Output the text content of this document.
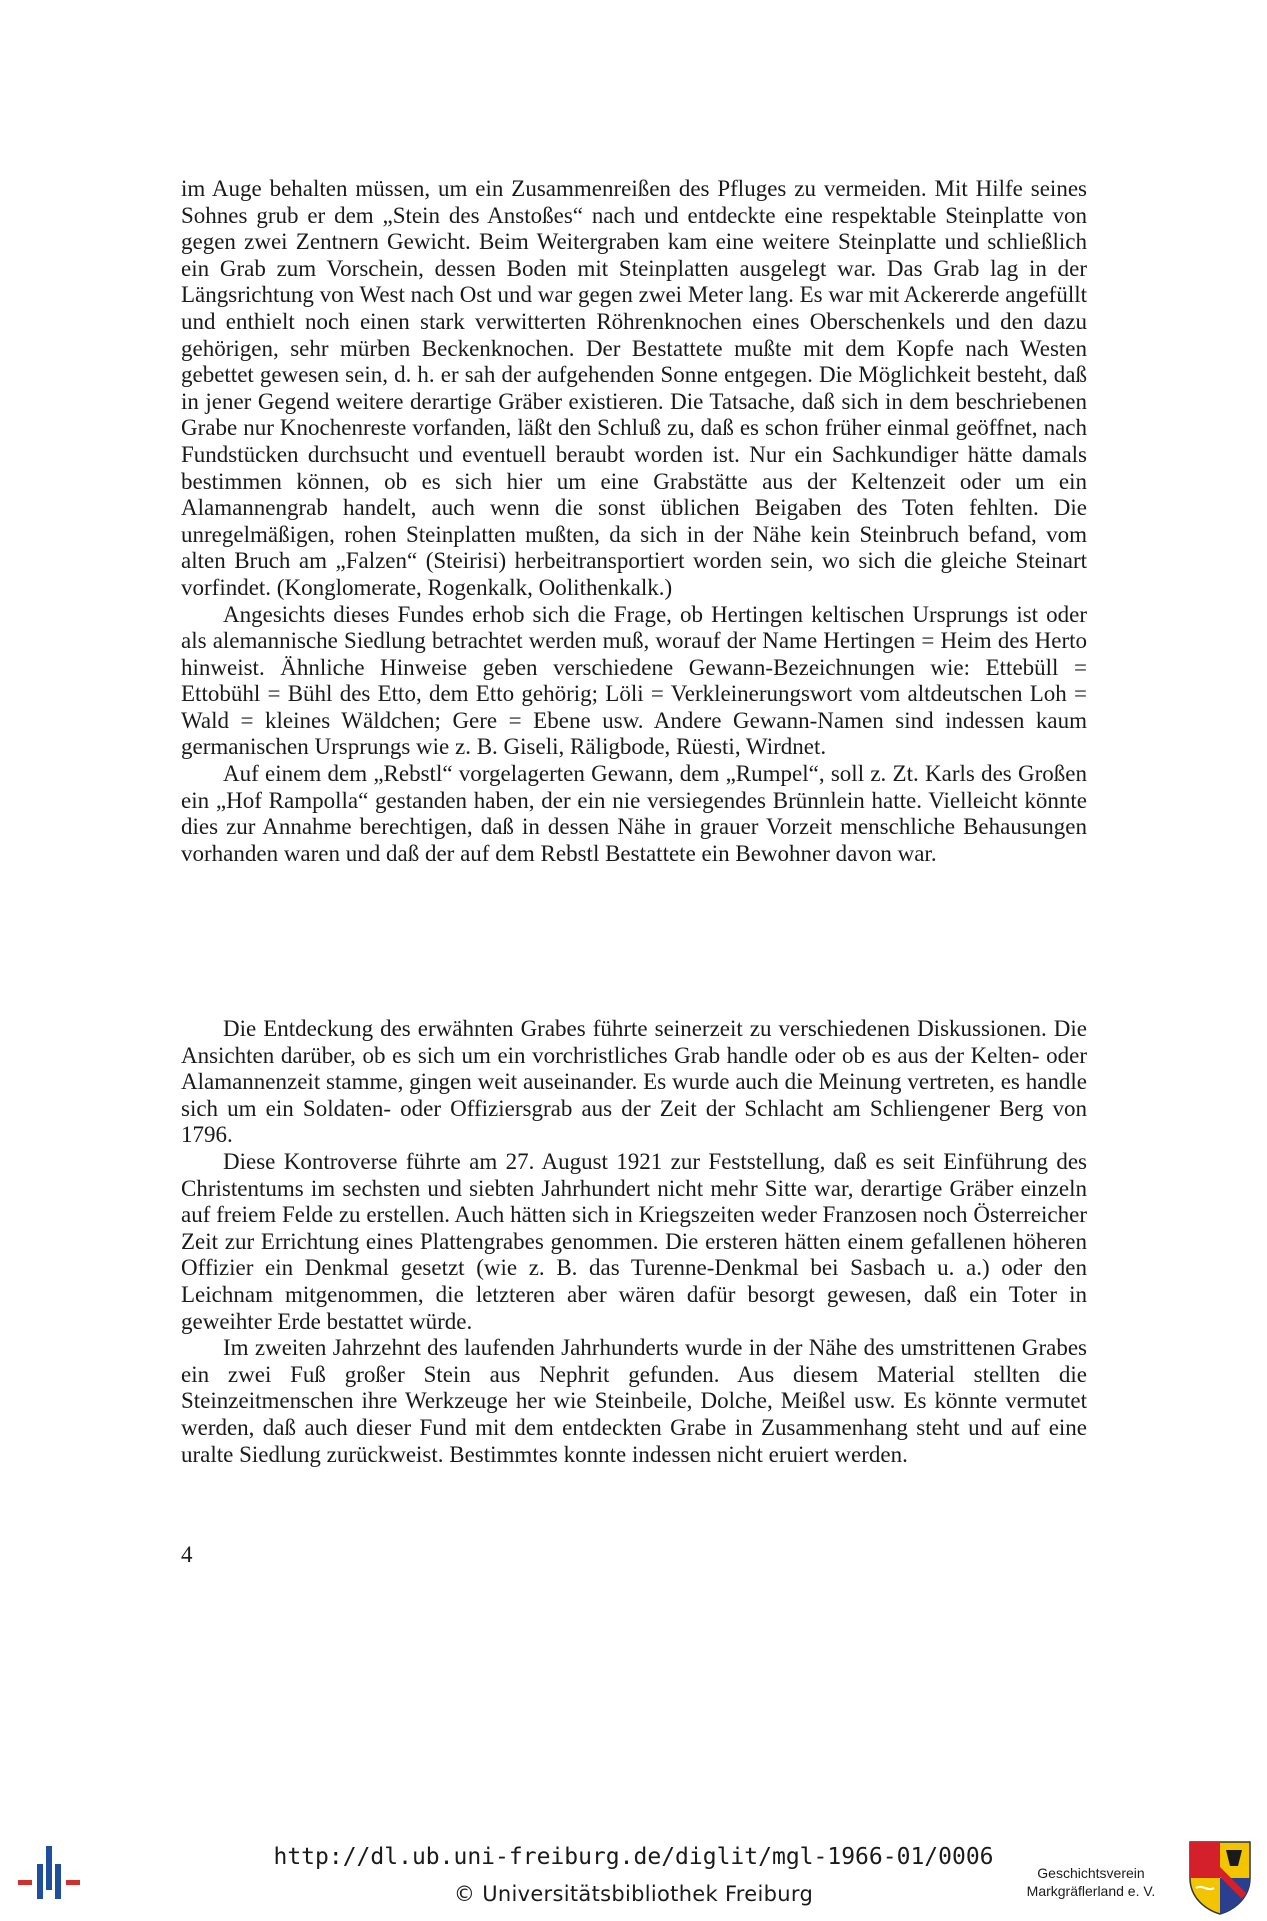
im Auge behalten müssen, um ein Zusammenreißen des Pfluges zu vermeiden. Mit Hilfe seines Sohnes grub er dem „Stein des Anstoßes“ nach und entdeckte eine respektable Steinplatte von gegen zwei Zentnern Gewicht. Beim Weitergraben kam eine weitere Steinplatte und schließlich ein Grab zum Vorschein, dessen Boden mit Steinplatten ausgelegt war. Das Grab lag in der Längsrichtung von West nach Ost und war gegen zwei Meter lang. Es war mit Ackererde angefüllt und enthielt noch einen stark verwitterten Röhrenknochen eines Oberschenkels und den dazu gehörigen, sehr mürben Beckenknochen. Der Bestattete mußte mit dem Kopfe nach Westen gebettet gewesen sein, d. h. er sah der aufgehenden Sonne entgegen. Die Möglichkeit besteht, daß in jener Gegend weitere derartige Gräber existieren. Die Tatsache, daß sich in dem beschriebenen Grabe nur Knochenreste vorfanden, läßt den Schluß zu, daß es schon früher einmal geöffnet, nach Fundstücken durchsucht und eventuell beraubt worden ist. Nur ein Sachkundiger hätte damals bestimmen können, ob es sich hier um eine Grabstätte aus der Keltenzeit oder um ein Alamannengrab handelt, auch wenn die sonst üblichen Beigaben des Toten fehlten. Die unregelmäßigen, rohen Steinplatten mußten, da sich in der Nähe kein Steinbruch befand, vom alten Bruch am „Falzen“ (Steirisi) herbeitransportiert worden sein, wo sich die gleiche Steinart vorfindet. (Konglomerate, Rogenkalk, Oolithenkalk.)

Angesichts dieses Fundes erhob sich die Frage, ob Hertingen keltischen Ursprungs ist oder als alemannische Siedlung betrachtet werden muß, worauf der Name Hertingen = Heim des Herto hinweist. Ähnliche Hinweise geben verschiedene Gewann-Bezeichnungen wie: Ettebüll = Ettobühl = Bühl des Etto, dem Etto gehörig; Löli = Verkleinerungswort vom altdeutschen Loh = Wald = kleines Wäldchen; Gere = Ebene usw. Andere Gewann-Namen sind indessen kaum germanischen Ursprungs wie z. B. Giseli, Räligbode, Rüesti, Wirdnet.

Auf einem dem „Rebstl“ vorgelagerten Gewann, dem „Rumpel“, soll z. Zt. Karls des Großen ein „Hof Rampolla“ gestanden haben, der ein nie versiegendes Brünnlein hatte. Vielleicht könnte dies zur Annahme berechtigen, daß in dessen Nähe in grauer Vorzeit menschliche Behausungen vorhanden waren und daß der auf dem Rebstl Bestattete ein Bewohner davon war.

Die Entdeckung des erwähnten Grabes führte seinerzeit zu verschiedenen Diskussionen. Die Ansichten darüber, ob es sich um ein vorchristliches Grab handle oder ob es aus der Kelten- oder Alamannenzeit stamme, gingen weit auseinander. Es wurde auch die Meinung vertreten, es handle sich um ein Soldaten- oder Offiziersgrab aus der Zeit der Schlacht am Schliengener Berg von 1796.

Diese Kontroverse führte am 27. August 1921 zur Feststellung, daß es seit Einführung des Christentums im sechsten und siebten Jahrhundert nicht mehr Sitte war, derartige Gräber einzeln auf freiem Felde zu erstellen. Auch hätten sich in Kriegszeiten weder Franzosen noch Österreicher Zeit zur Errichtung eines Plattengrabes genommen. Die ersteren hätten einem gefallenen höheren Offizier ein Denkmal gesetzt (wie z. B. das Turenne-Denkmal bei Sasbach u. a.) oder den Leichnam mitgenommen, die letzteren aber wären dafür besorgt gewesen, daß ein Toter in geweihter Erde bestattet würde.

Im zweiten Jahrzehnt des laufenden Jahrhunderts wurde in der Nähe des umstrittenen Grabes ein zwei Fuß großer Stein aus Nephrit gefunden. Aus diesem Material stellten die Steinzeitmenschen ihre Werkzeuge her wie Steinbeile, Dolche, Meißel usw. Es könnte vermutet werden, daß auch dieser Fund mit dem entdeckten Grabe in Zusammenhang steht und auf eine uralte Siedlung zurückweist. Bestimmtes konnte indessen nicht eruiert werden.

4
http://dl.ub.uni-freiburg.de/diglit/mgl-1966-01/0006
© Universitätsbibliothek Freiburg
Geschichtsverein
Markgräflerland e. V.
